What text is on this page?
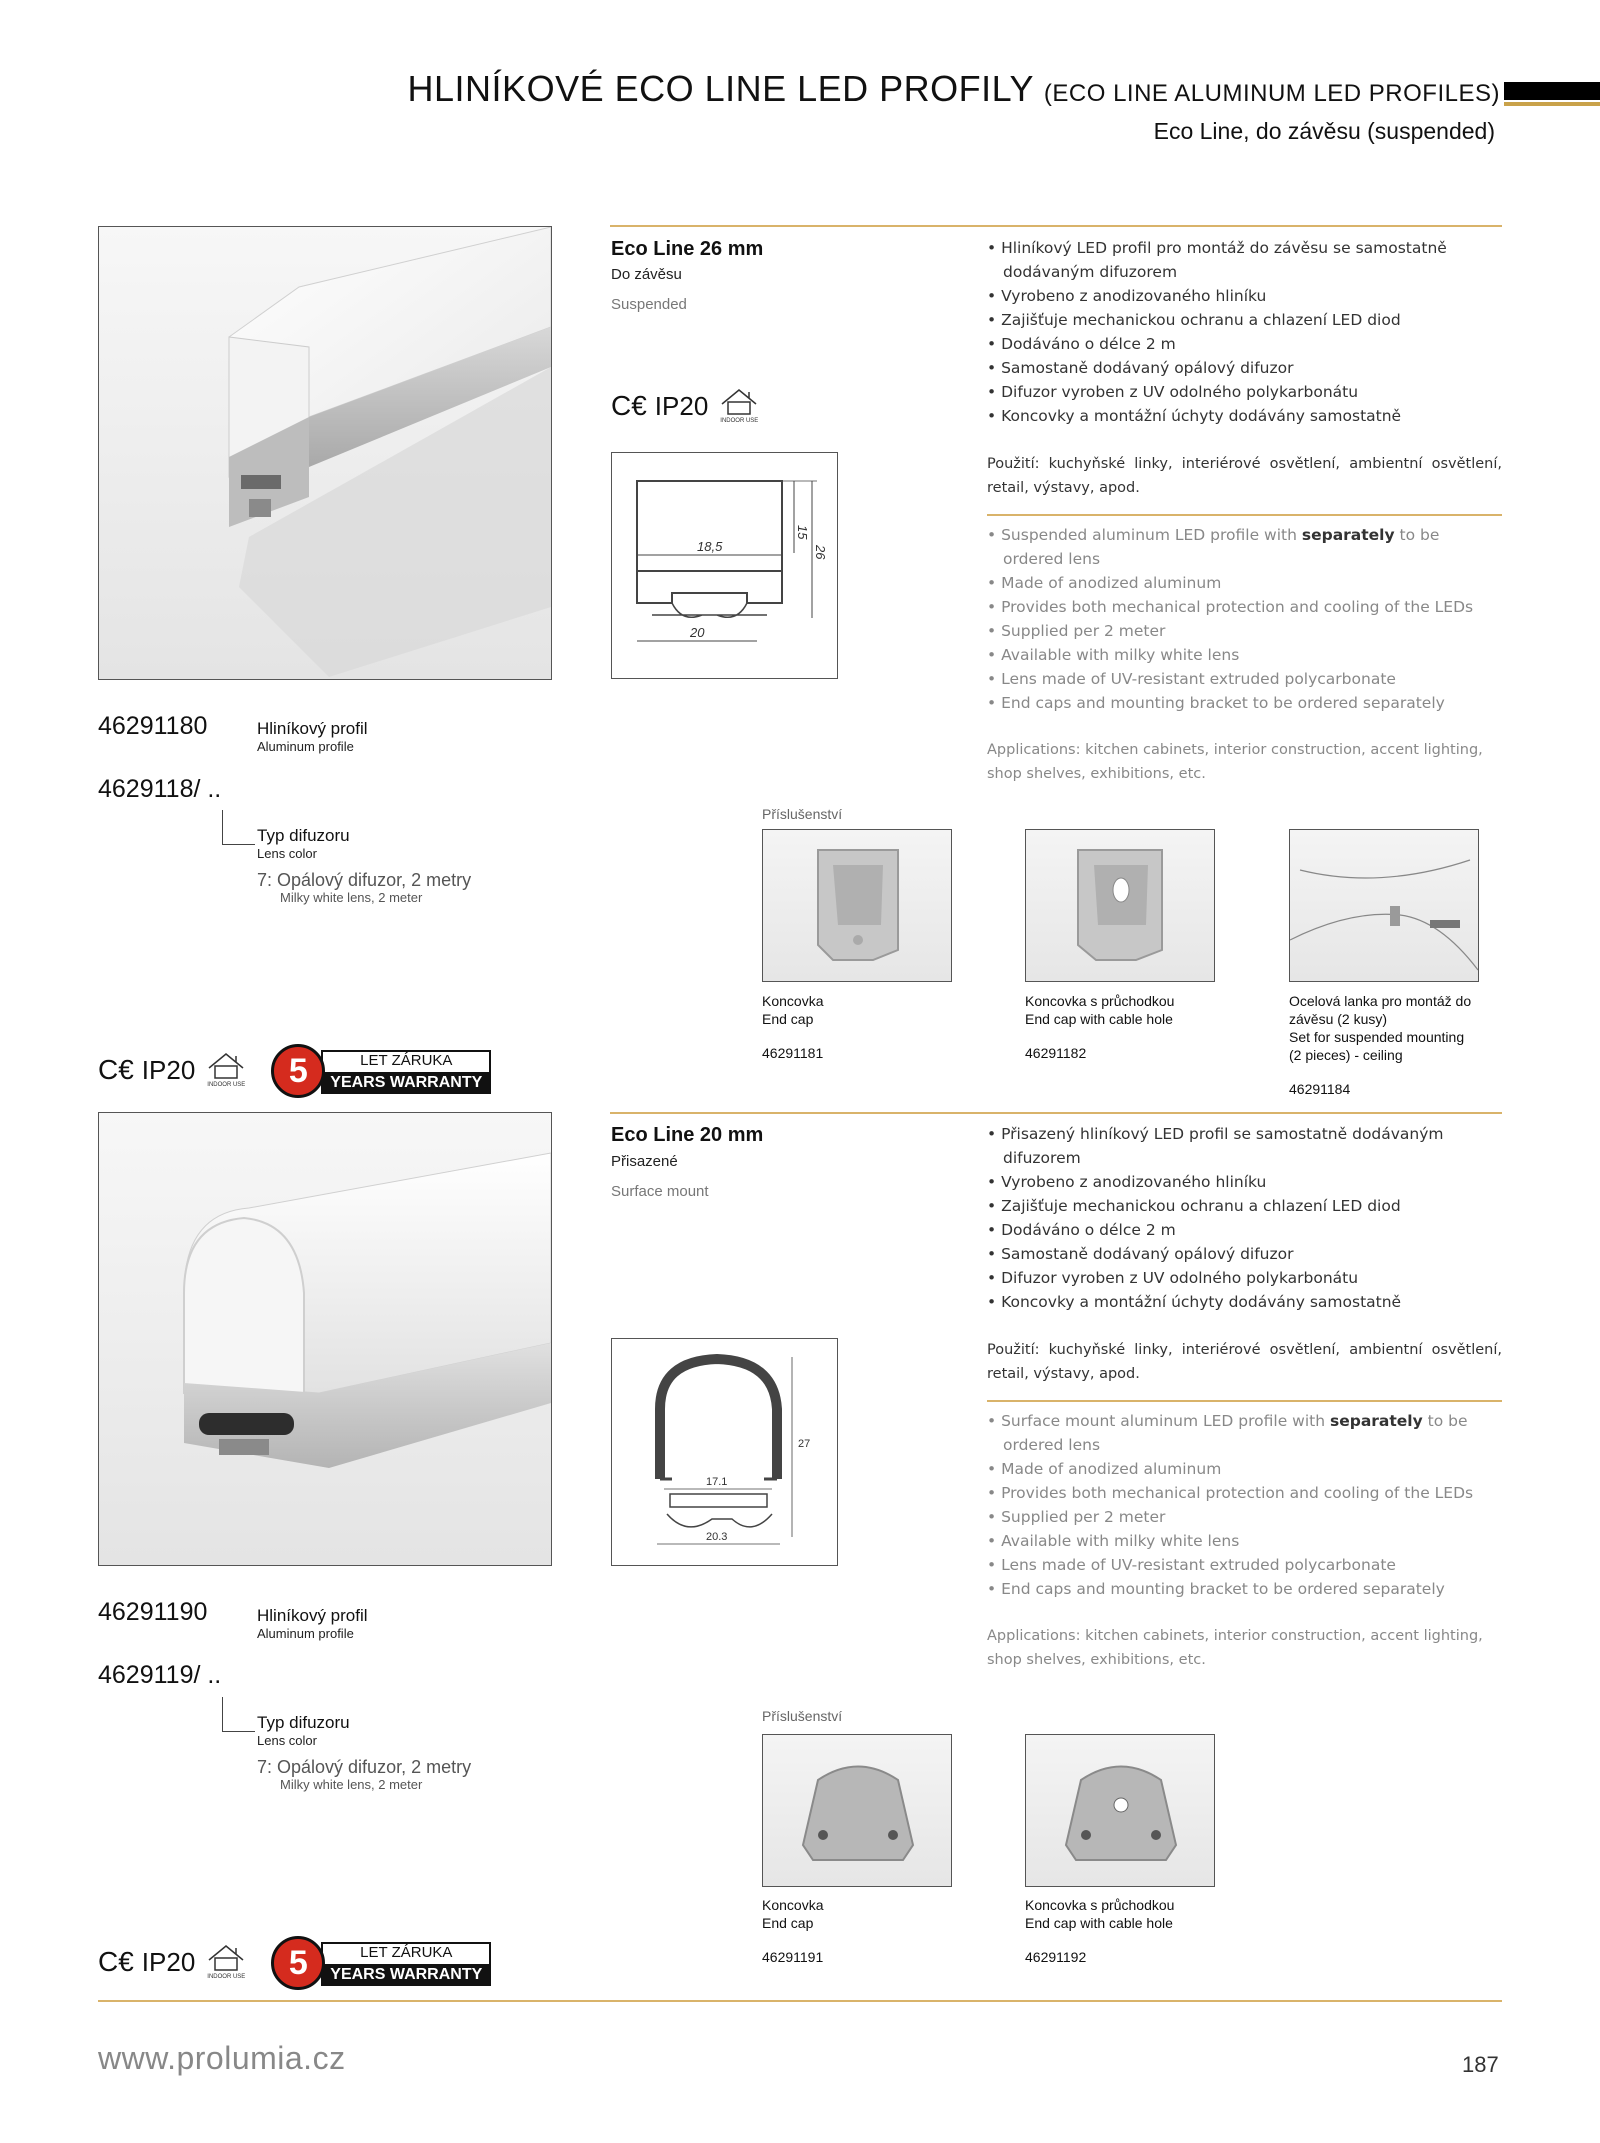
HLINÍKOVÉ ECO LINE LED PROFILY (ECO LINE ALUMINUM LED PROFILES)
Eco Line, do závěsu (suspended)
Eco Line 26 mm
Do závěsu
Suspended
C€ IP20
INDOOR USE
18,5
20
15
26
• Hliníkový LED profil pro montáž do závěsu se samostatně dodávaným difuzorem
• Vyrobeno z anodizovaného hliníku
• Zajišťuje mechanickou ochranu a chlazení LED diod
• Dodáváno o délce 2 m
• Samostaně dodávaný opálový difuzor
• Difuzor vyroben z UV odolného polykarbonátu
• Koncovky a montážní úchyty dodávány samostatně
Použití: kuchyňské linky, interiérové osvětlení, ambientní osvětlení, retail, výstavy, apod.
• Suspended aluminum LED profile with separately to be ordered lens
• Made of anodized aluminum
• Provides both mechanical protection and cooling of the LEDs
• Supplied per 2 meter
• Available with milky white lens
• Lens made of UV-resistant extruded polycarbonate
• End caps and mounting bracket to be ordered separately
Applications: kitchen cabinets, interior construction, accent lighting, shop shelves, exhibitions, etc.
46291180	Hliníkový profil
Aluminum profile
4629118/ ..
Typ difuzoru
Lens color
7: Opálový difuzor, 2 metry
Milky white lens, 2 meter
Příslušenství
Koncovka
End cap
46291181
Koncovka s průchodkou
End cap with cable hole
46291182
Ocelová lanka pro montáž do
závěsu (2 kusy)
Set for suspended mounting
(2 pieces) - ceiling
46291184
C€ IP20
INDOOR USE
LET ZÁRUKA
YEARS WARRANTY
5
Eco Line 20 mm
Přisazené
Surface mount
17.1
20.3
27
• Přisazený hliníkový LED profil se samostatně dodávaným difuzorem
• Vyrobeno z anodizovaného hliníku
• Zajišťuje mechanickou ochranu a chlazení LED diod
• Dodáváno o délce 2 m
• Samostaně dodávaný opálový difuzor
• Difuzor vyroben z UV odolného polykarbonátu
• Koncovky a montážní úchyty dodávány samostatně
Použití: kuchyňské linky, interiérové osvětlení, ambientní osvětlení, retail, výstavy, apod.
• Surface mount aluminum LED profile with separately to be ordered lens
• Made of anodized aluminum
• Provides both mechanical protection and cooling of the LEDs
• Supplied per 2 meter
• Available with milky white lens
• Lens made of UV-resistant extruded polycarbonate
• End caps and mounting bracket to be ordered separately
Applications: kitchen cabinets, interior construction, accent lighting, shop shelves, exhibitions, etc.
46291190	Hliníkový profil
Aluminum profile
4629119/ ..
Typ difuzoru
Lens color
7: Opálový difuzor, 2 metry
Milky white lens, 2 meter
Příslušenství
Koncovka
End cap
46291191
Koncovka s průchodkou
End cap with cable hole
46291192
C€ IP20
INDOOR USE
LET ZÁRUKA
YEARS WARRANTY
5
www.prolumia.cz	187
